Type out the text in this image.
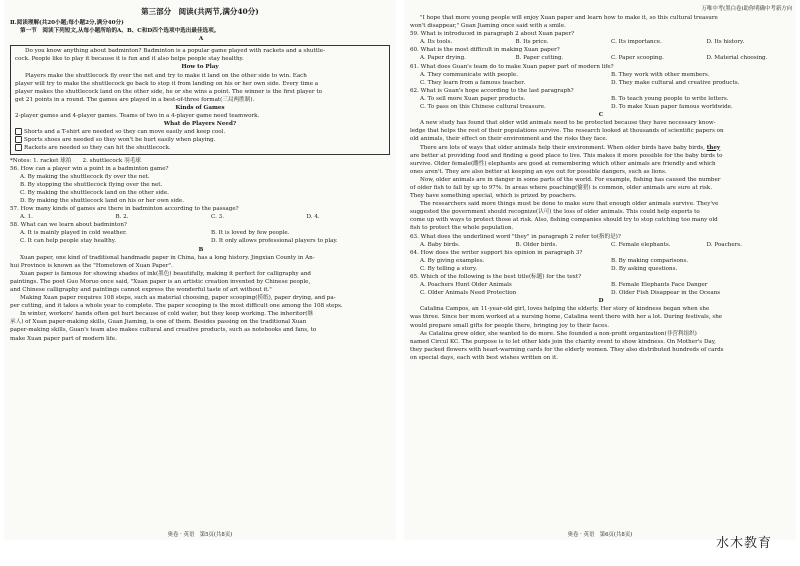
第三部分　阅读(共两节,满分40分)

Ⅱ.阅读理解(共20小题;每小题2分,满分40分)

第一节　阅读下列短文,从每小题所给的A、B、C和D四个选项中选出最佳选项。

A

Do you know anything about badminton? Badminton is a popular game played with rackets and a shuttle-

cock. People like to play it because it is fun and it also helps people stay healthy.

How to Play

Players make the shuttlecock fly over the net and try to make it land on the other side to win. Each

player will try to make the shuttlecock go back to stop it from landing on his or her own side. Every time a

player makes the shuttlecock land on the other side, he or she wins a point. The winner is the first player to

get 21 points in a round. The games are played in a best-of-three format(三局两胜制).

Kinds of Games

2-player games and 4-player games. Teams of two in a 4-player game need teamwork.

What do Players Need?

Shorts and a T-shirt are needed so they can move easily and keep cool.

Sports shoes are needed so they won't be hurt easily when playing.

Rackets are needed so they can hit the shuttlecock.

*Notes: 1. racket 球拍　　2. shuttlecock 羽毛球

56. How can a player win a point in a badminton game?

A. By making the shuttlecock fly over the net.

B. By stopping the shuttlecock flying over the net.

C. By making the shuttlecock land on the other side.

D. By making the shuttlecock land on his or her own side.

57. How many kinds of games are there in badminton according to the passage?

A. 1.	B. 2.	C. 3.	D. 4.

58. What can we learn about badminton?

A. It is mainly played in cold weather.	B. It is loved by few people.
C. It can help people stay healthy.	D. It only allows professional players to play.

B

Xuan paper, one kind of traditional handmade paper in China, has a long history. Jingxian County in An-

hui Province is known as the "Hometown of Xuan Paper".

Xuan paper is famous for showing shades of ink(墨色) beautifully, making it perfect for calligraphy and

paintings. The poet Guo Moruo once said, "Xuan paper is an artistic creation invented by Chinese people,

and Chinese calligraphy and paintings cannot express the wonderful taste of art without it."

Making Xuan paper requires 108 steps, such as material choosing, paper scooping(捞纸), paper drying, and pa-

per cutting, and it takes a whole year to complete. The paper scooping is the most difficult one among the 108 steps.

In winter, workers' hands often get hurt because of cold water, but they keep working. The inheritor(继

承人) of Xuan paper-making skills, Guan Jiaming, is one of them. Besides passing on the traditional Xuan

paper-making skills, Guan's team also makes cultural and creative products, such as notebooks and fans, to

make Xuan paper part of modern life.

奥卷 · 英语　第5页(共8页)
万唯中考(黑白卷)助你明确中考新方向

"I hope that more young people will enjoy Xuan paper and learn how to make it, so this cultural treasure

won't disappear," Guan Jiaming once said with a smile.

59. What is introduced in paragraph 2 about Xuan paper?

A. Its tools.	B. Its price.	C. Its importance.	D. Its history.

60. What is the most difficult in making Xuan paper?

A. Paper drying.	B. Paper cutting.	C. Paper scooping.	D. Material choosing.

61. What does Guan's team do to make Xuan paper part of modern life?

A. They communicate with people.	B. They work with other members.
C. They learn from a famous teacher.	D. They make cultural and creative products.

62. What is Guan's hope according to the last paragraph?

A. To sell more Xuan paper products.	B. To teach young people to write letters.
C. To pass on this Chinese cultural treasure.	D. To make Xuan paper famous worldwide.

C

A new study has found that older wild animals need to be protected because they have necessary know-

ledge that helps the rest of their populations survive. The research looked at thousands of scientific papers on

old animals, their effect on their environment and the risks they face.

There are lots of ways that older animals help their environment. When older birds have baby birds, they

are better at providing food and finding a good place to live. This makes it more possible for the baby birds to

survive. Older female(雌性) elephants are good at remembering which other animals are friendly and which

ones aren't. They are also better at keeping an eye out for possible dangers, such as lions.

Now, older animals are in danger in some parts of the world. For example, fishing has caused the number

of older fish to fall by up to 97%. In areas where poaching(偷猎) is common, older animals are sure at risk.

They have something special, which is prized by poachers.

The researchers said more things must be done to make sure that enough older animals survive. They've

suggested the government should recognize(认可) the loss of older animals. This could help experts to

come up with ways to protect those at risk. Also, fishing companies should try to stop catching too many old

fish to protect the whole population.

63. What does the underlined word "they" in paragraph 2 refer to(指的是)?

A. Baby birds.	B. Older birds.	C. Female elephants.	D. Poachers.

64. How does the writer support his opinion in paragraph 3?

A. By giving examples.	B. By making comparisons.
C. By telling a story.	D. By asking questions.

65. Which of the following is the best title(标题) for the text?

A. Poachers Hunt Older Animals	B. Female Elephants Face Danger
C. Older Animals Need Protection	D. Older Fish Disappear in the Oceans

D

Catalina Campos, an 11-year-old girl, loves helping the elderly. Her story of kindness began when she

was three. Since her mom worked at a nursing home, Catalina went there with her a lot. During festivals, she

would prepare small gifts for people there, bringing joy to their faces.

As Catalina grew older, she wanted to do more. She founded a non-profit organization(非营利组织)

named Circul KC. The purpose is to let other kids join the charity event to show kindness. On Mother's Day,

they packed flowers with heart-warming cards for the elderly women. They also distributed hundreds of cards

on special days, each with best wishes written on it.

奥卷 · 英语　第6页(共8页)
水木教育
